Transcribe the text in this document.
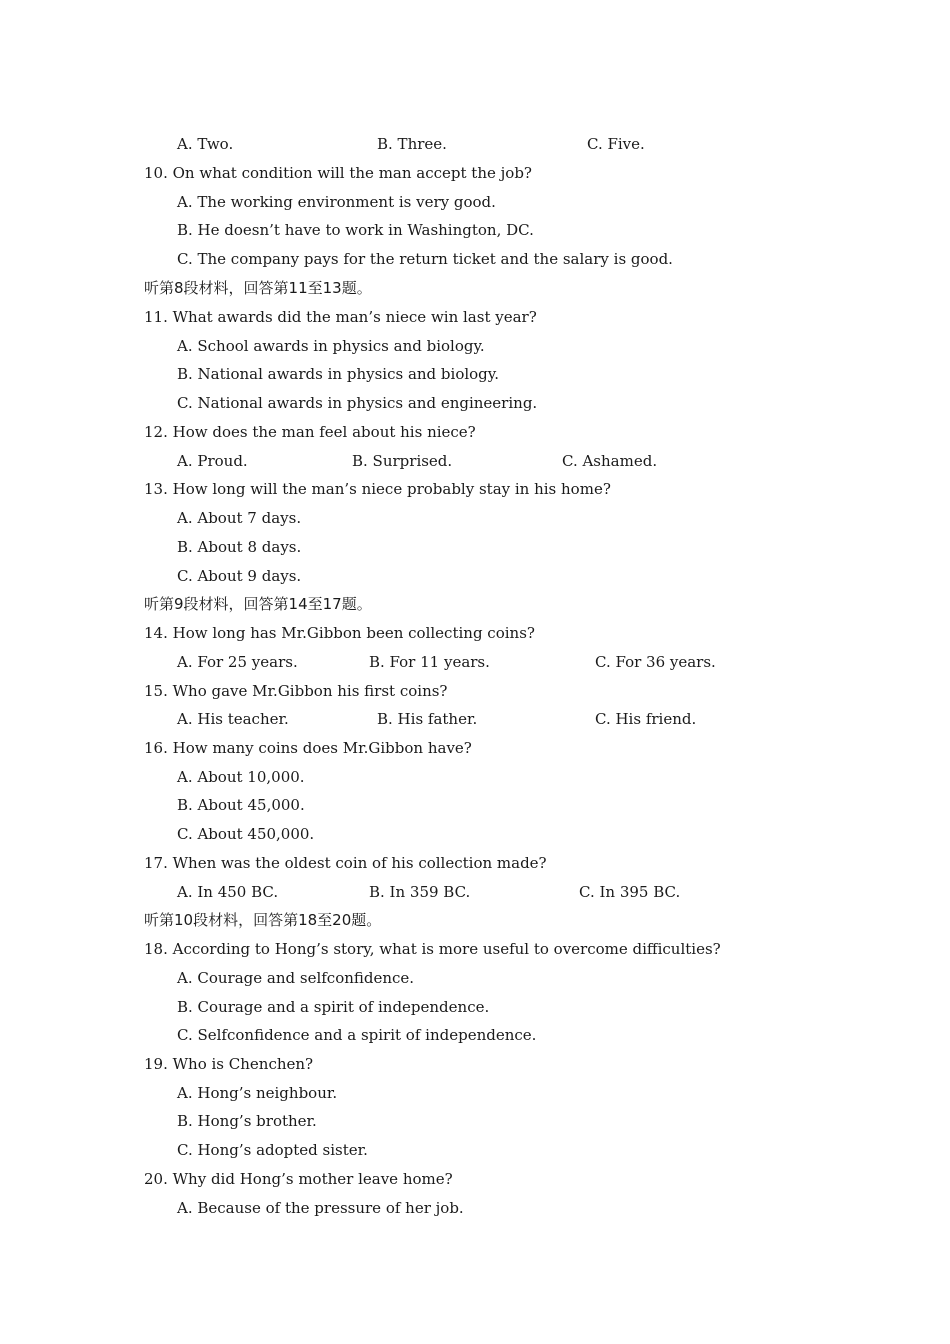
A. Two.	B. Three.	C. Five.
10. On what condition will the man accept the job?
A. The working environment is very good.
B. He doesn’t have to work in Washington, DC.
C. The company pays for the return ticket and the salary is good.
听第8段材料，回答第11至13题。
11. What awards did the man’s niece win last year?
A. School awards in physics and biology.
B. National awards in physics and biology.
C. National awards in physics and engineering.
12. How does the man feel about his niece?
A. Proud.	B. Surprised.	C. Ashamed.
13. How long will the man’s niece probably stay in his home?
A. About 7 days.
B. About 8 days.
C. About 9 days.
听第9段材料，回答第14至17题。
14. How long has Mr.Gibbon been collecting coins?
A. For 25 years.	B. For 11 years.	C. For 36 years.
15. Who gave Mr.Gibbon his first coins?
A. His teacher.	B. His father.	C. His friend.
16. How many coins does Mr.Gibbon have?
A. About 10,000.
B. About 45,000.
C. About 450,000.
17. When was the oldest coin of his collection made?
A. In 450 BC.	B. In 359 BC.	C. In 395 BC.
听第10段材料，回答第18至20题。
18. According to Hong’s story, what is more useful to overcome difficulties?
A. Courage and selfconfidence.
B. Courage and a spirit of independence.
C. Selfconfidence and a spirit of independence.
19. Who is Chenchen?
A. Hong’s neighbour.
B. Hong’s brother.
C. Hong’s adopted sister.
20. Why did Hong’s mother leave home?
A. Because of the pressure of her job.
